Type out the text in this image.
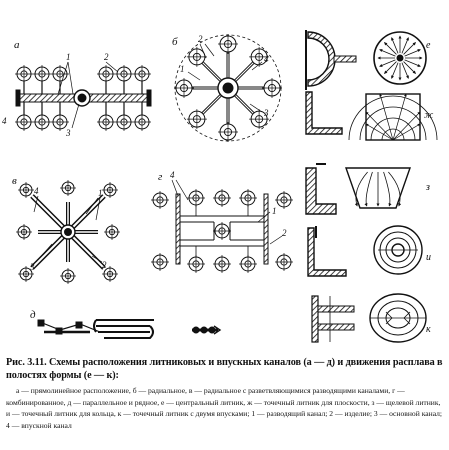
а
1	2
3
4
б 2
1
4
3
в
4	1
3	2
г 4
1
2
д
е
ж
з
и
к
Рис. 3.11. Схемы расположения литниковых и впускных каналов (а — д) и движения расплава в полостях формы (е — к):
а — прямолинейное расположение, б — радиальное, в — радиальное с разветвляющимися разводящими каналами, г — комбинированное, д — параллельное и рядное, е — центральный литник, ж — точечный литник для плоскости, з — щелевой литник, и — точечный литник для кольца, к — точечный литник с двумя впусками; 1 — разводящий канал; 2 — изделие; 3 — основной канал; 4 — впускной канал
